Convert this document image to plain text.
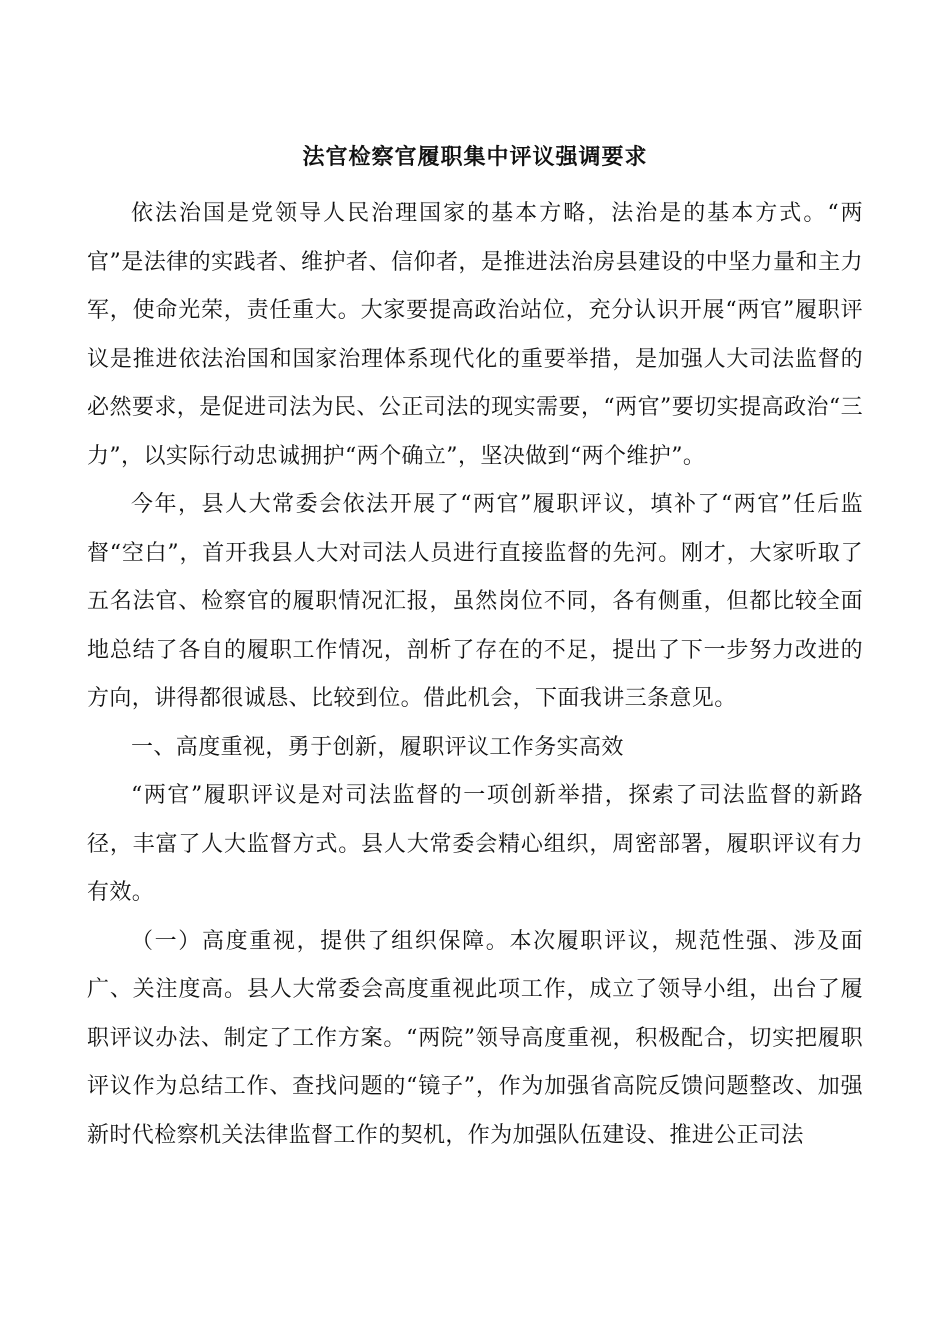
法官检察官履职集中评议强调要求

依法治国是党领导人民治理国家的基本方略，法治是的基本方式。“两官”是法律的实践者、维护者、信仰者，是推进法治房县建设的中坚力量和主力军，使命光荣，责任重大。大家要提高政治站位，充分认识开展“两官”履职评议是推进依法治国和国家治理体系现代化的重要举措，是加强人大司法监督的必然要求，是促进司法为民、公正司法的现实需要，“两官”要切实提高政治“三力”，以实际行动忠诚拥护“两个确立”，坚决做到“两个维护”。

今年，县人大常委会依法开展了“两官”履职评议，填补了“两官”任后监督“空白”，首开我县人大对司法人员进行直接监督的先河。刚才，大家听取了五名法官、检察官的履职情况汇报，虽然岗位不同，各有侧重，但都比较全面地总结了各自的履职工作情况，剖析了存在的不足，提出了下一步努力改进的方向，讲得都很诚恳、比较到位。借此机会，下面我讲三条意见。

一、高度重视，勇于创新，履职评议工作务实高效

“两官”履职评议是对司法监督的一项创新举措，探索了司法监督的新路径，丰富了人大监督方式。县人大常委会精心组织，周密部署，履职评议有力有效。

（一）高度重视，提供了组织保障。本次履职评议，规范性强、涉及面广、关注度高。县人大常委会高度重视此项工作，成立了领导小组，出台了履职评议办法、制定了工作方案。“两院”领导高度重视，积极配合，切实把履职评议作为总结工作、查找问题的“镜子”，作为加强省高院反馈问题整改、加强新时代检察机关法律监督工作的契机，作为加强队伍建设、推进公正司法
